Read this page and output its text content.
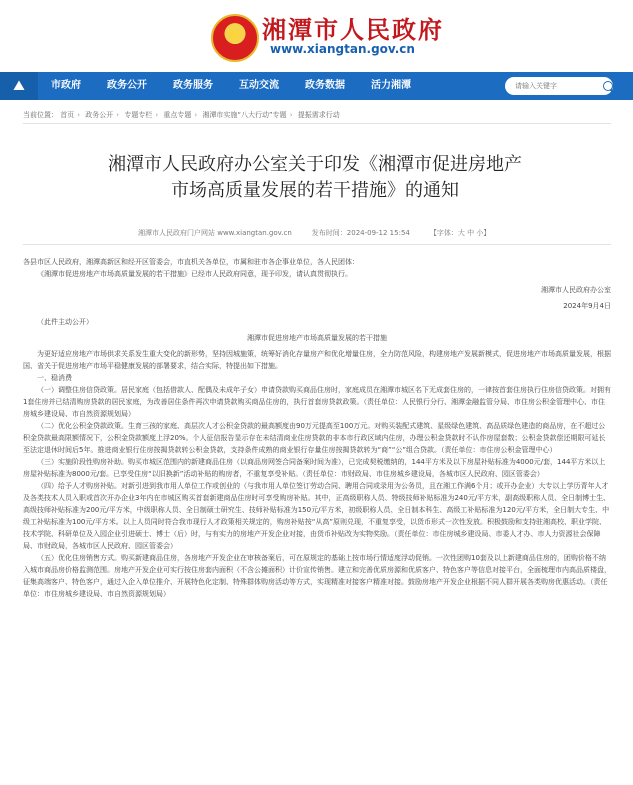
★
湘潭市人民政府
www.xiangtan.gov.cn
⛰	市政府	政务公开	政务服务	互动交流	政务数据	活力湘潭
请输入关键字
当前位置： 首页 › 政务公开 › 专题专栏 › 重点专题 › 湘潭市实施“八大行动”专题 › 提振需求行动
湘潭市人民政府办公室关于印发《湘潭市促进房地产
市场高质量发展的若干措施》的通知
湘潭市人民政府门户网站 www.xiangtan.gov.cn	发布时间：2024-09-12 15:54	【字体：大 中 小】

各县市区人民政府，湘潭高新区和经开区管委会，市直机关各单位，市属和驻市各企事业单位，各人民团体：

《湘潭市促进房地产市场高质量发展的若干措施》已经市人民政府同意，现予印发，请认真贯彻执行。

湘潭市人民政府办公室

2024年9月4日

（此件主动公开）

湘潭市促进房地产市场高质量发展的若干措施

为更好适应房地产市场供求关系发生重大变化的新形势，坚持因城施策，统筹好消化存量房产和优化增量住房，全力防范风险，构建房地产发展新模式，促进房地产市场高质量发展，根据国、省关于促进房地产市场平稳健康发展的部署要求，结合实际，特提出如下措施。

一、稳消费

（一）调整住房信贷政策。居民家庭（包括借款人、配偶及未成年子女）申请贷款购买商品住房时，家庭成员在湘潭市城区名下无成套住房的，一律按首套住房执行住房信贷政策。对拥有1套住房并已结清购房贷款的居民家庭，为改善居住条件再次申请贷款购买商品住房的，执行首套房贷款政策。（责任单位：人民银行分行、湘潭金融监管分局、市住房公积金管理中心、市住房城乡建设局、市自然资源规划局）

（二）优化公积金贷款政策。生育三孩的家庭、高层次人才公积金贷款的最高额度由90万元提高至100万元。对购买装配式建筑、星级绿色建筑、高品质绿色建造的商品房，在不超过公积金贷款最高限额情况下，公积金贷款额度上浮20%。个人征信报告显示存在未结清商业住房贷款的非本市行政区域内住房，办理公积金贷款时不认作房屋套数；公积金贷款偿还期限可延长至法定退休时间后5年。推进商业银行住房按揭贷款转公积金贷款，支持条件成熟的商业银行存量住房按揭贷款转为“商”“公”组合贷款。（责任单位：市住房公积金管理中心）

（三）实施阶段性购房补助。购买市城区范围内的新建商品住房（以商品房网签合同备案时间为准），已完成契税缴纳的，144平方米及以下房屋补贴标准为4000元/套，144平方米以上房屋补贴标准为8000元/套。已享受住房“以旧换新”活动补贴的购房者，不重复享受补贴。（责任单位：市财政局、市住房城乡建设局，各城市区人民政府、园区管委会）

（四）给予人才购房补贴。对新引进到我市用人单位工作或创业的（与我市用人单位签订劳动合同、聘用合同或录用为公务员，且在湘工作满6个月；或开办企业）大专以上学历青年人才及各类技术人员入职或首次开办企业3年内在市城区购买首套新建商品住房时可享受购房补贴。其中，正高级职称人员、特级技师补贴标准为240元/平方米，副高级职称人员、全日制博士生、高级技师补贴标准为200元/平方米，中级职称人员、全日制硕士研究生、技师补贴标准为150元/平方米，初级职称人员、全日制本科生、高级工补贴标准为120元/平方米，全日制大专生、中级工补贴标准为100元/平方米。以上人员同时符合我市现行人才政策相关规定的，购房补贴按“从高”原则兑现，不重复享受，以货币形式一次性发放。积极鼓励和支持驻湘高校、职业学院、技术学院、科研单位及入园企业引进硕士、博士（后）时，与有实力的房地产开发企业对接，由货币补贴改为实物奖励。（责任单位：市住房城乡建设局、市委人才办、市人力资源社会保障局、市财政局，各城市区人民政府、园区管委会）

（五）优化住房销售方式。购买新建商品住房，各房地产开发企业在审核备案后，可在原规定的基础上按市场行情适度浮动促销。一次性团购10套及以上新建商品住房的，团购价格不纳入城市商品房价格监测范围。房地产开发企业可实行按住房套内面积（不含公摊面积）计价宣传销售。建立和完善优质房源和优质客户、特色客户等信息对接平台，全面梳理市内高品质楼盘，征集高端客户、特色客户，通过入企入单位推介、开展特色化定制、特殊群体购房活动等方式，实现精准对接客户精准对接。鼓励房地产开发企业根据不同人群开展各类购房优惠活动。（责任单位：市住房城乡建设局、市自然资源规划局）
